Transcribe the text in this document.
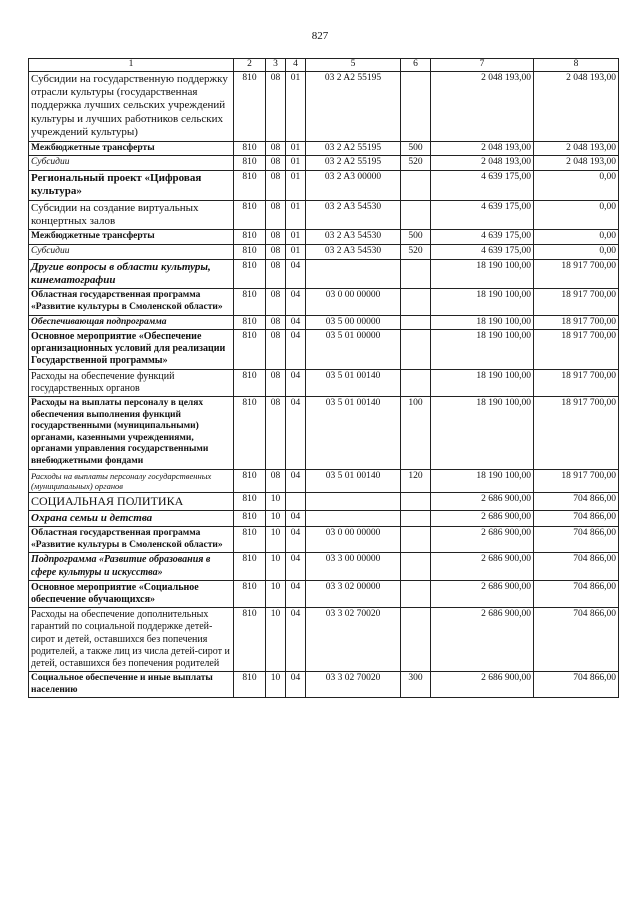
827
1	2	3	4	5	6	7	8
Субсидии на государственную поддержку отрасли культуры (государственная поддержка лучших сельских учреждений культуры и лучших работников сельских учреждений культуры)	810	08	01	03 2 A2 55195		2 048 193,00	2 048 193,00
Межбюджетные трансферты	810	08	01	03 2 A2 55195	500	2 048 193,00	2 048 193,00
Субсидии	810	08	01	03 2 A2 55195	520	2 048 193,00	2 048 193,00
Региональный проект «Цифровая культура»	810	08	01	03 2 A3 00000		4 639 175,00	0,00
Субсидии на создание виртуальных концертных залов	810	08	01	03 2 A3 54530		4 639 175,00	0,00
Межбюджетные трансферты	810	08	01	03 2 A3 54530	500	4 639 175,00	0,00
Субсидии	810	08	01	03 2 A3 54530	520	4 639 175,00	0,00
Другие вопросы в области культуры, кинематографии	810	08	04			18 190 100,00	18 917 700,00
Областная государственная программа «Развитие культуры в Смоленской области»	810	08	04	03 0 00 00000		18 190 100,00	18 917 700,00
Обеспечивающая подпрограмма	810	08	04	03 5 00 00000		18 190 100,00	18 917 700,00
Основное мероприятие «Обеспечение организационных условий для реализации Государственной программы»	810	08	04	03 5 01 00000		18 190 100,00	18 917 700,00
Расходы на обеспечение функций государственных органов	810	08	04	03 5 01 00140		18 190 100,00	18 917 700,00
Расходы на выплаты персоналу в целях обеспечения выполнения функций государственными (муниципальными) органами, казенными учреждениями, органами управления государственными внебюджетными фондами	810	08	04	03 5 01 00140	100	18 190 100,00	18 917 700,00
Расходы на выплаты персоналу государственных (муниципальных) органов	810	08	04	03 5 01 00140	120	18 190 100,00	18 917 700,00
СОЦИАЛЬНАЯ ПОЛИТИКА	810	10				2 686 900,00	704 866,00
Охрана семьи и детства	810	10	04			2 686 900,00	704 866,00
Областная государственная программа «Развитие культуры в Смоленской области»	810	10	04	03 0 00 00000		2 686 900,00	704 866,00
Подпрограмма «Развитие образования в сфере культуры и искусства»	810	10	04	03 3 00 00000		2 686 900,00	704 866,00
Основное мероприятие «Социальное обеспечение обучающихся»	810	10	04	03 3 02 00000		2 686 900,00	704 866,00
Расходы на обеспечение дополнительных гарантий по социальной поддержке детей-сирот и детей, оставшихся без попечения родителей, а также лиц из числа детей-сирот и детей, оставшихся без попечения родителей	810	10	04	03 3 02 70020		2 686 900,00	704 866,00
Социальное обеспечение и иные выплаты населению	810	10	04	03 3 02 70020	300	2 686 900,00	704 866,00
